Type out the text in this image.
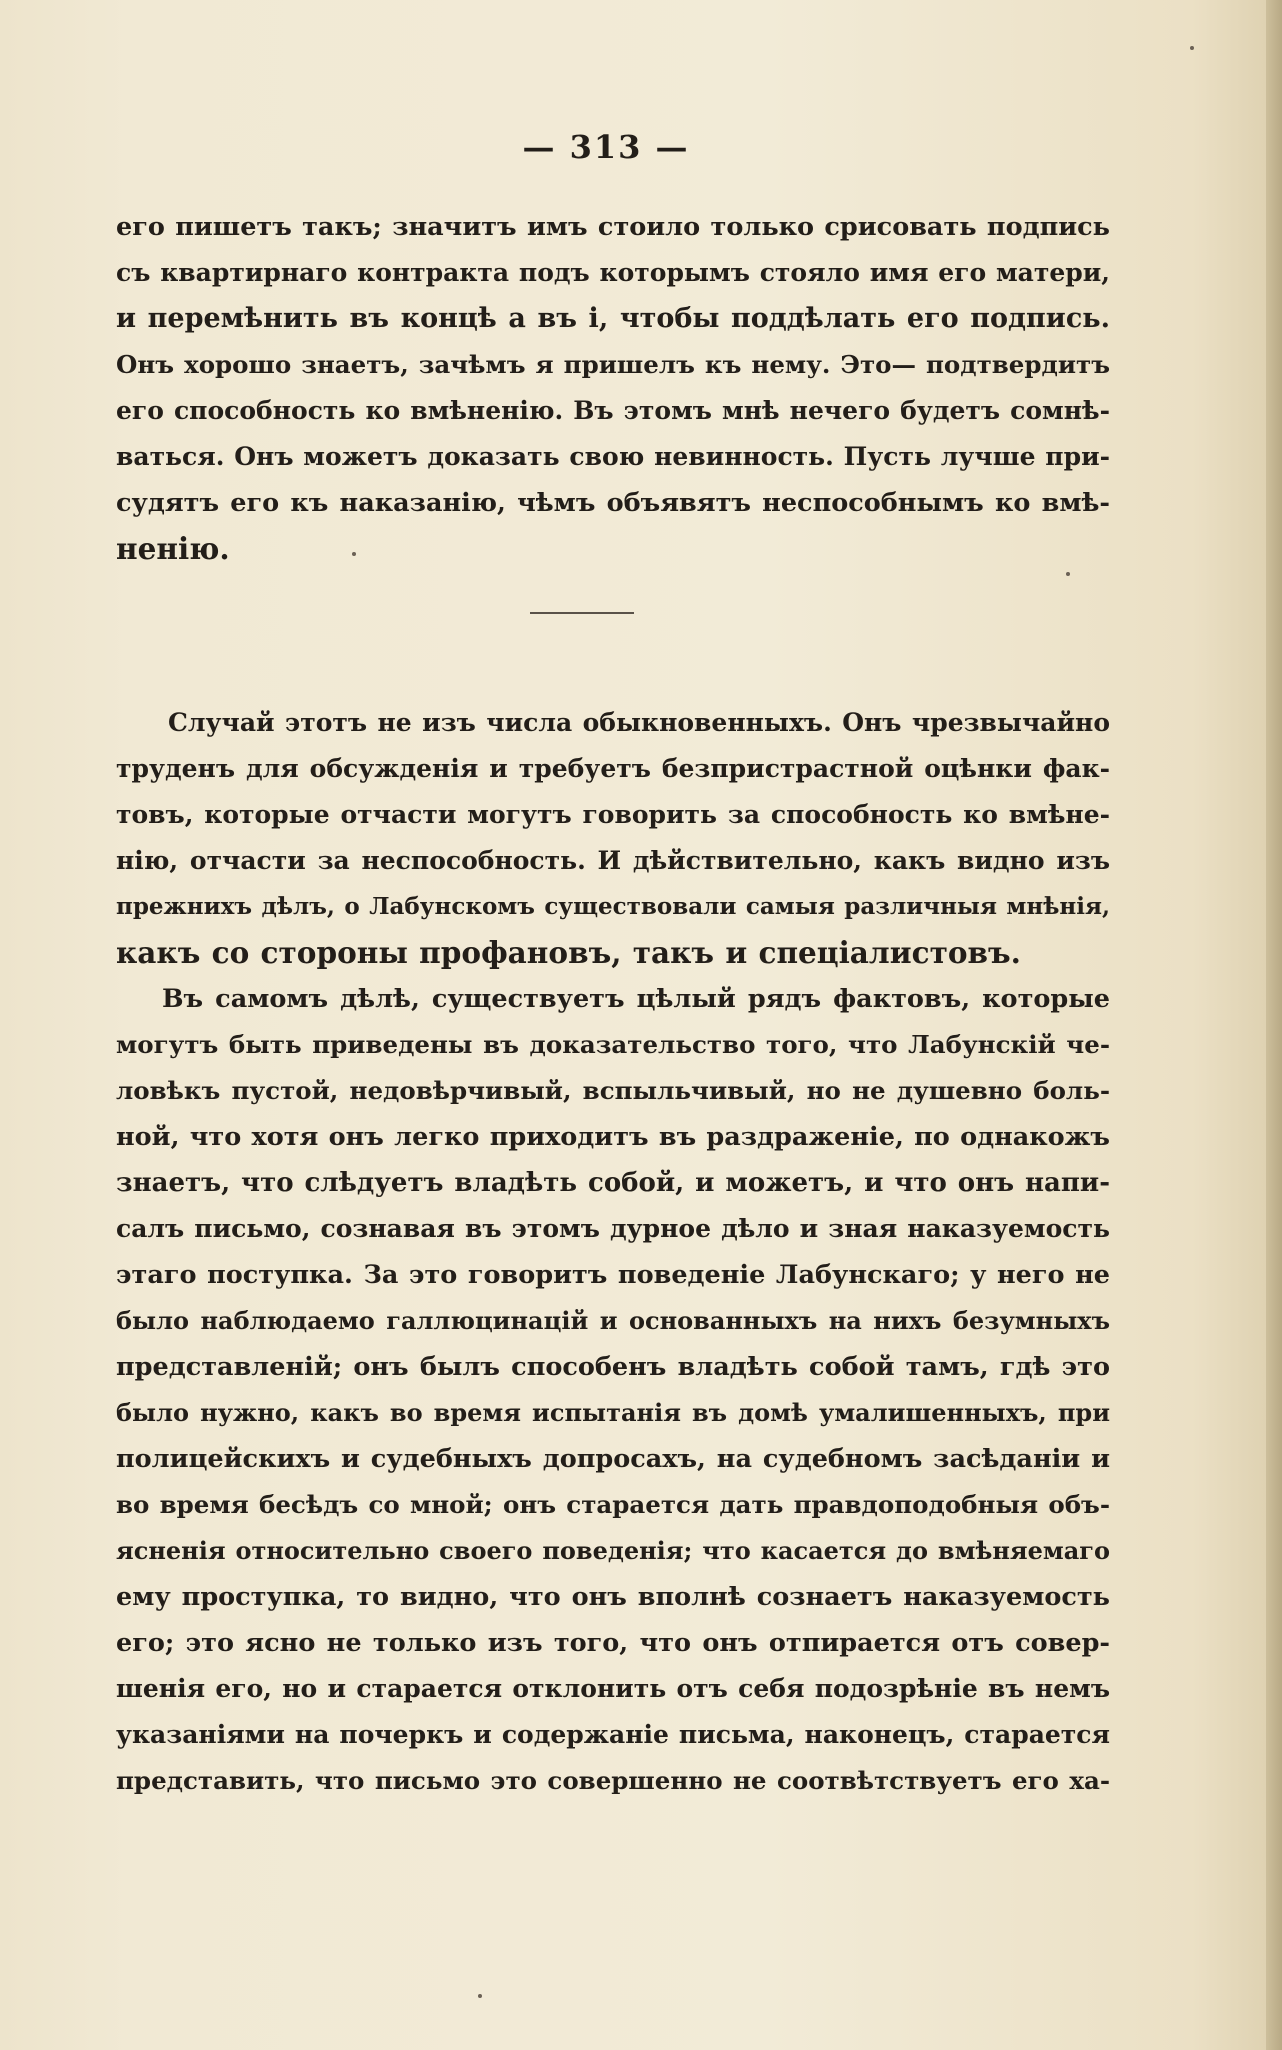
— 313 —
его пишетъ такъ; значитъ имъ стоило только срисовать подпись
съ квартирнаго контракта подъ которымъ стояло имя его матери,
и перемѣнить въ концѣ а въ і, чтобы поддѣлать его подпись.
Онъ хорошо знаетъ, зачѣмъ я пришелъ къ нему. Это— подтвердитъ
его способность ко вмѣненію. Въ этомъ мнѣ нечего будетъ сомнѣ-
ваться. Онъ можетъ доказать свою невинность. Пусть лучше при-
судятъ его къ наказанію, чѣмъ объявятъ неспособнымъ ко вмѣ-
ненію.
Случай этотъ не изъ числа обыкновенныхъ. Онъ чрезвычайно
труденъ для обсужденія и требуетъ безпристрастной оцѣнки фак-
товъ, которые отчасти могутъ говорить за способность ко вмѣне-
нію, отчасти за неспособность. И дѣйствительно, какъ видно изъ
прежнихъ дѣлъ, о Лабунскомъ существовали самыя различныя мнѣнія,
какъ со стороны профановъ, такъ и спеціалистовъ.
Въ самомъ дѣлѣ, существуетъ цѣлый рядъ фактовъ, которые
могутъ быть приведены въ доказательство того, что Лабунскій че-
ловѣкъ пустой, недовѣрчивый, вспыльчивый, но не душевно боль-
ной, что хотя онъ легко приходитъ въ раздраженіе, по однакожъ
знаетъ, что слѣдуетъ владѣть собой, и можетъ, и что онъ напи-
салъ письмо, сознавая въ этомъ дурное дѣло и зная наказуемость
этаго поступка. За это говоритъ поведеніе Лабунскаго; у него не
было наблюдаемо галлюцинацій и основанныхъ на нихъ безумныхъ
представленій; онъ былъ способенъ владѣть собой тамъ, гдѣ это
было нужно, какъ во время испытанія въ домѣ умалишенныхъ, при
полицейскихъ и судебныхъ допросахъ, на судебномъ засѣданіи и
во время бесѣдъ со мной; онъ старается дать правдоподобныя объ-
ясненія относительно своего поведенія; что касается до вмѣняемаго
ему проступка, то видно, что онъ вполнѣ сознаетъ наказуемость
его; это ясно не только изъ того, что онъ отпирается отъ совер-
шенія его, но и старается отклонить отъ себя подозрѣніе въ немъ
указаніями на почеркъ и содержаніе письма, наконецъ, старается
представить, что письмо это совершенно не соотвѣтствуетъ его ха-
